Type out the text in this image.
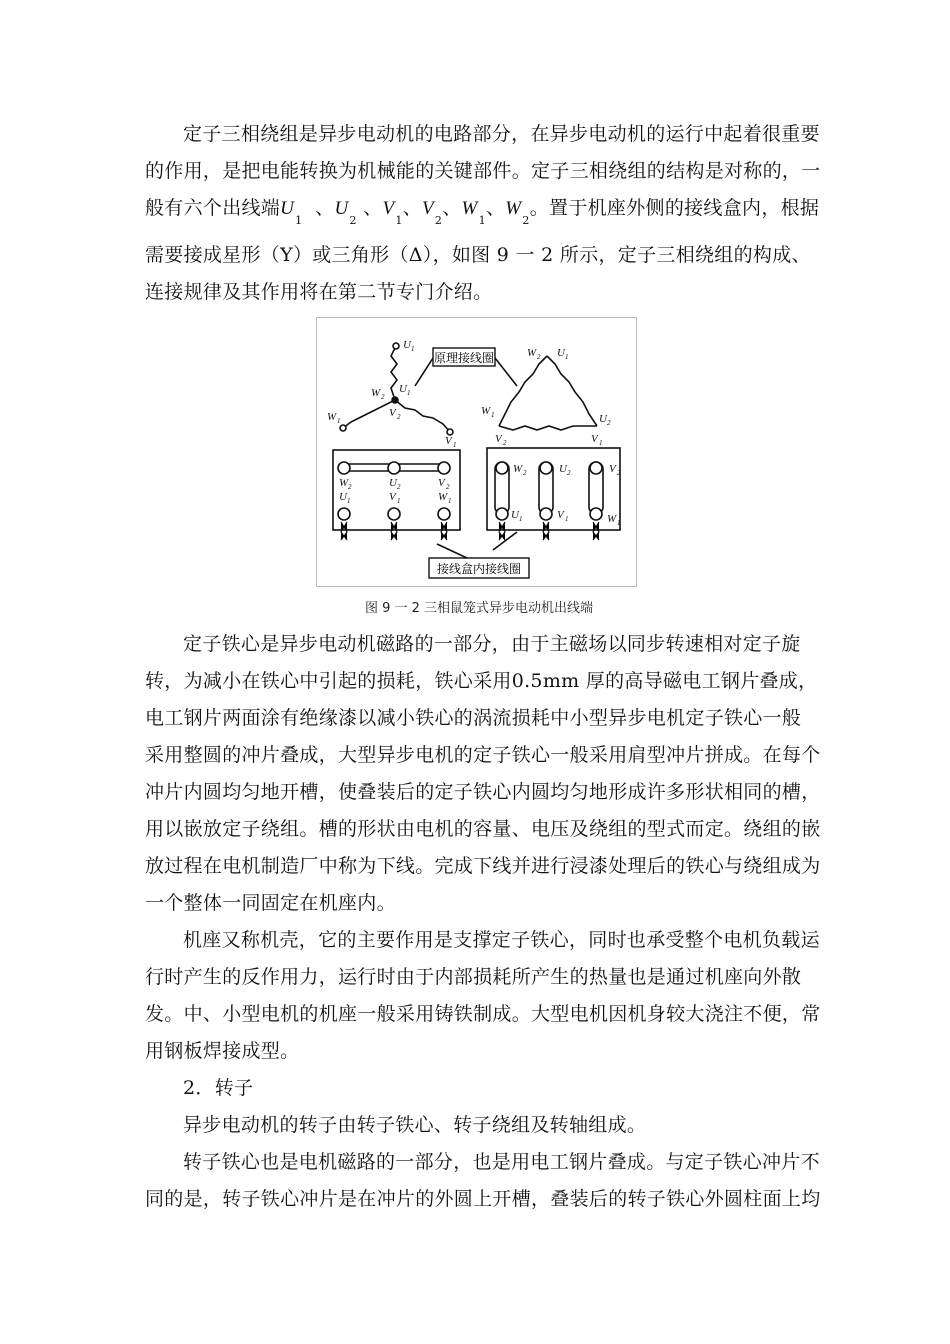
定子三相绕组是异步电动机的电路部分，在异步电动机的运行中起着很重要
的作用，是把电能转换为机械能的关键部件。定子三相绕组的结构是对称的，一
般有六个出线端$U_1$  、$U_2$ 、$V_1$、$V_2$、$W_1$、$W_2$。置于机座外侧的接线盒内，根据
需要接成星形（Y）或三角形（Δ），如图 9 一 2 所示，定子三相绕组的构成、
连接规律及其作用将在第二节专门介绍。
原理接线圈
接线盒内接线圈
U 1
W 2
U 1
V 2
W 1
V 1
W 2 U 1
W 1	U 2
V 2	V 1
W 2	U 2	V 2
U 1	V 1	W 1
W 2	U 2	V 2
U 1	V 1	W 1
图 9 一 2 三相鼠笼式异步电动机出线端
定子铁心是异步电动机磁路的一部分，由于主磁场以同步转速相对定子旋
转，为减小在铁心中引起的损耗，铁心采用0.5mm 厚的高导磁电工钢片叠成，
电工钢片两面涂有绝缘漆以减小铁心的涡流损耗中小型异步电机定子铁心一般
采用整圆的冲片叠成，大型异步电机的定子铁心一般采用肩型冲片拼成。在每个
冲片内圆均匀地开槽，使叠装后的定子铁心内圆均匀地形成许多形状相同的槽，
用以嵌放定子绕组。槽的形状由电机的容量、电压及绕组的型式而定。绕组的嵌
放过程在电机制造厂中称为下线。完成下线并进行浸漆处理后的铁心与绕组成为
一个整体一同固定在机座内。
机座又称机壳，它的主要作用是支撑定子铁心，同时也承受整个电机负载运
行时产生的反作用力，运行时由于内部损耗所产生的热量也是通过机座向外散
发。中、小型电机的机座一般采用铸铁制成。大型电机因机身较大浇注不便，常
用钢板焊接成型。
2．转子
异步电动机的转子由转子铁心、转子绕组及转轴组成。
转子铁心也是电机磁路的一部分，也是用电工钢片叠成。与定子铁心冲片不
同的是，转子铁心冲片是在冲片的外圆上开槽，叠装后的转子铁心外圆柱面上均
